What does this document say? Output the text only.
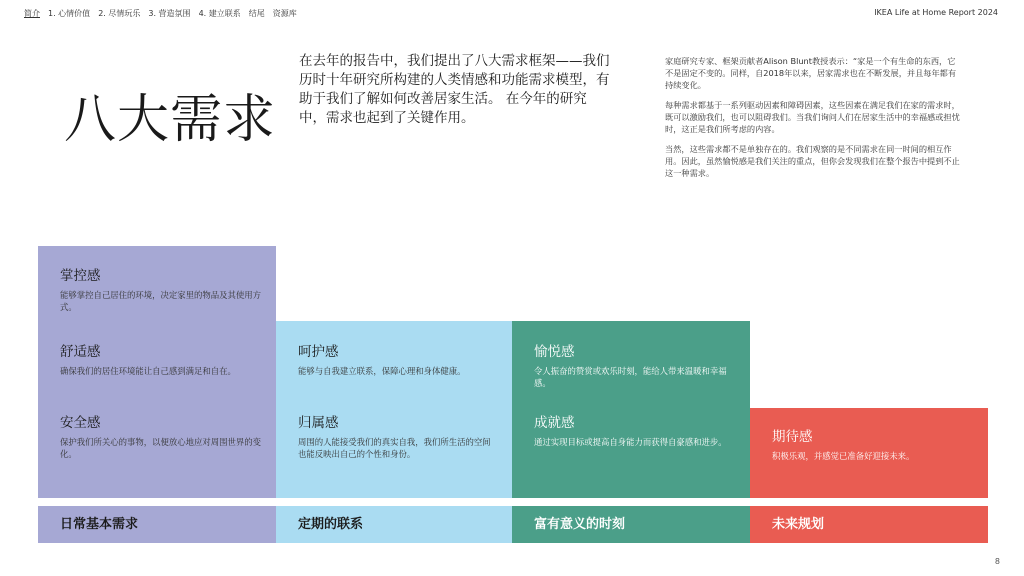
简介 1. 心情价值 2. 尽情玩乐 3. 营造氛围 4. 建立联系 结尾 资源库	IKEA Life at Home Report 2024
八大需求
在去年的报告中，我们提出了八大需求框架——我们历时十年研究所构建的人类情感和功能需求模型，有助于我们了解如何改善居家生活。 在今年的研究中，需求也起到了关键作用。

家庭研究专家、框架贡献者Alison Blunt教授表示：“家是一个有生命的东西，它不是固定不变的。同样，自2018年以来，居家需求也在不断发展，并且每年都有持续变化。

每种需求都基于一系列驱动因素和障碍因素，这些因素在满足我们在家的需求时，既可以激励我们，也可以阻碍我们。当我们询问人们在居家生活中的幸福感或担忧时，这正是我们所考虑的内容。

当然，这些需求都不是单独存在的。我们观察的是不同需求在同一时间的相互作用。因此，虽然愉悦感是我们关注的重点，但你会发现我们在整个报告中提到不止这一种需求。

掌控感

能够掌控自己居住的环境，决定家里的物品及其使用方式。

舒适感

确保我们的居住环境能让自己感到满足和自在。

安全感

保护我们所关心的事物，以便放心地应对周围世界的变化。

呵护感

能够与自我建立联系，保障心理和身体健康。

归属感

周围的人能接受我们的真实自我，我们所生活的空间也能反映出自己的个性和身份。

愉悦感

令人振奋的赞赏或欢乐时刻，能给人带来温暖和幸福感。

成就感

通过实现目标或提高自身能力而获得自豪感和进步。	期待感

积极乐观，并感觉已准备好迎接未来。

日常基本需求	定期的联系	富有意义的时刻	未来规划
8
